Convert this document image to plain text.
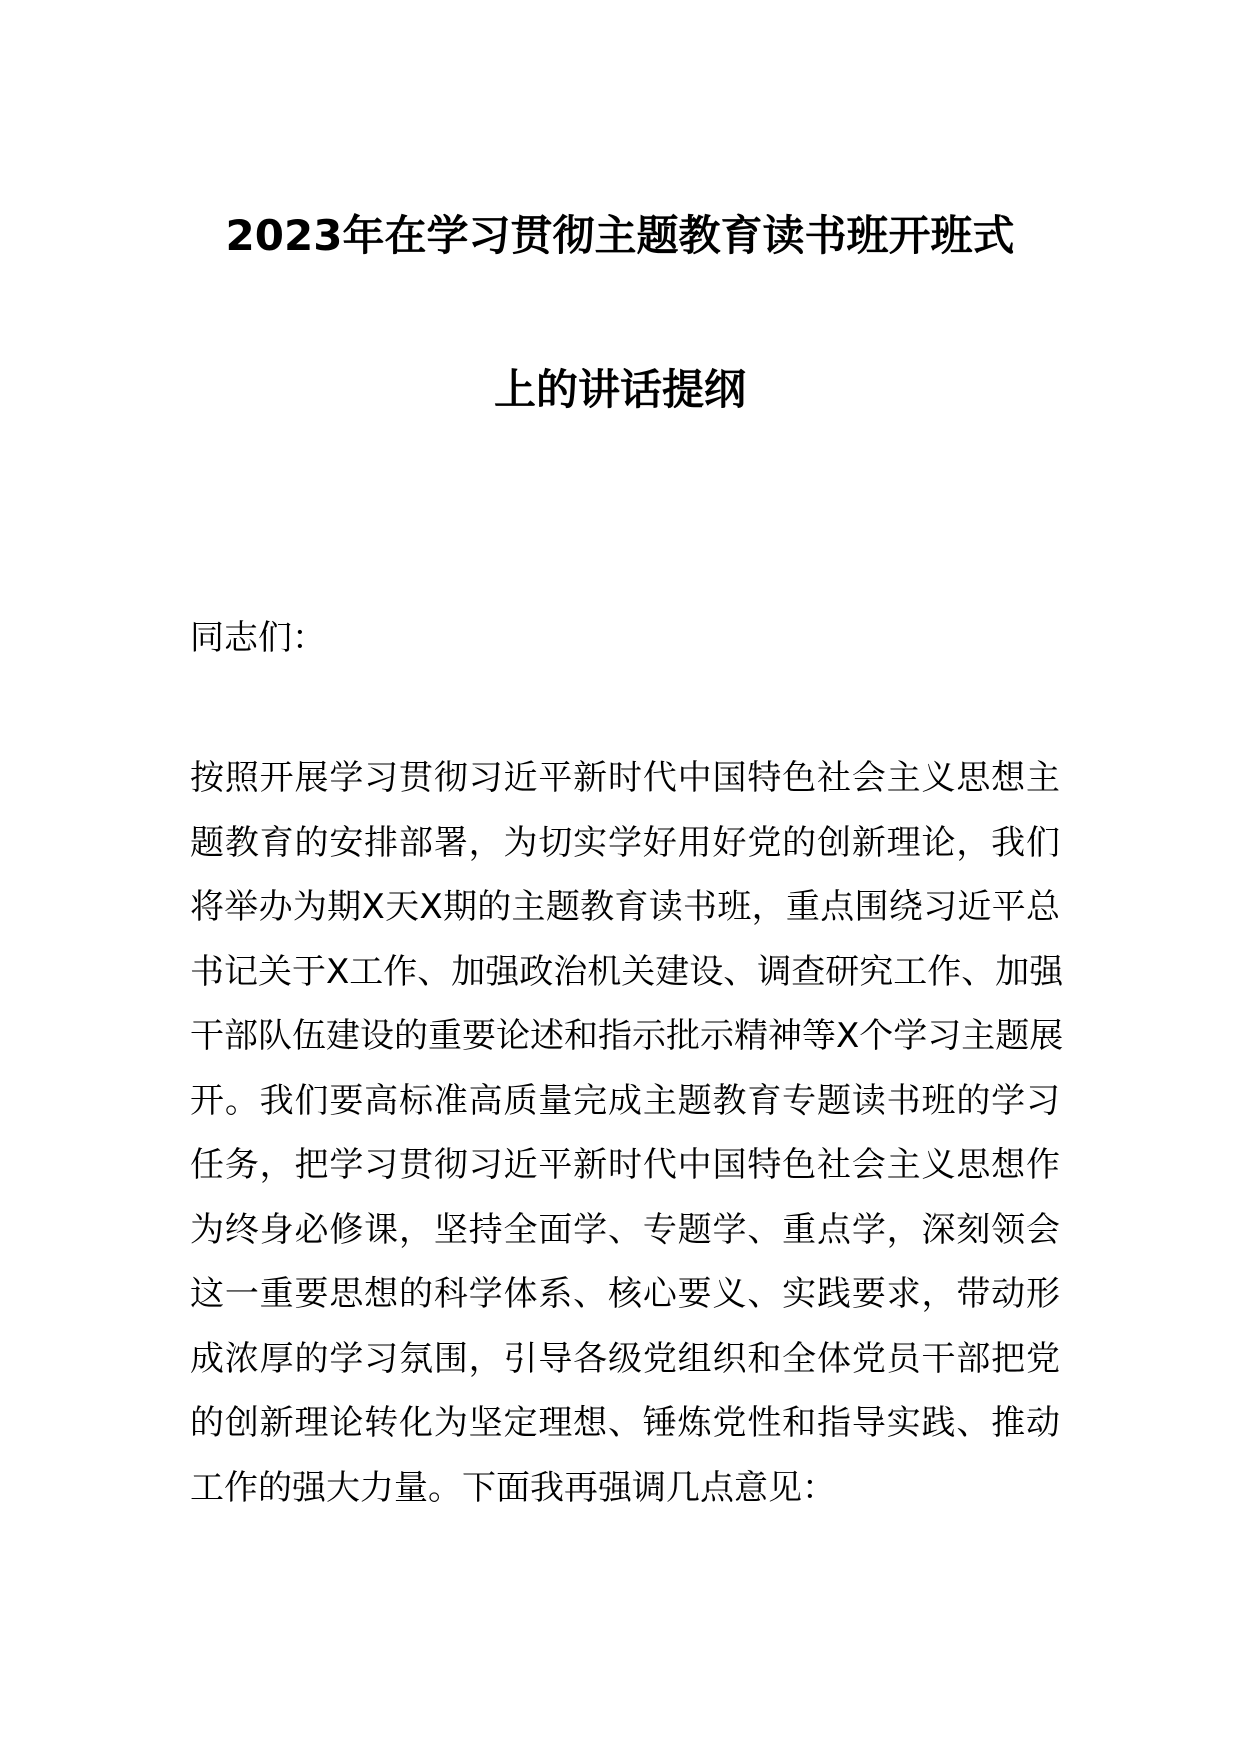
2023年在学习贯彻主题教育读书班开班式
上的讲话提纲
同志们：
按照开展学习贯彻习近平新时代中国特色社会主义思想主
题教育的安排部署，为切实学好用好党的创新理论，我们
将举办为期X天X期的主题教育读书班，重点围绕习近平总
书记关于X工作、加强政治机关建设、调查研究工作、加强
干部队伍建设的重要论述和指示批示精神等X个学习主题展
开。我们要高标准高质量完成主题教育专题读书班的学习
任务，把学习贯彻习近平新时代中国特色社会主义思想作
为终身必修课，坚持全面学、专题学、重点学，深刻领会
这一重要思想的科学体系、核心要义、实践要求，带动形
成浓厚的学习氛围，引导各级党组织和全体党员干部把党
的创新理论转化为坚定理想、锤炼党性和指导实践、推动
工作的强大力量。下面我再强调几点意见：
